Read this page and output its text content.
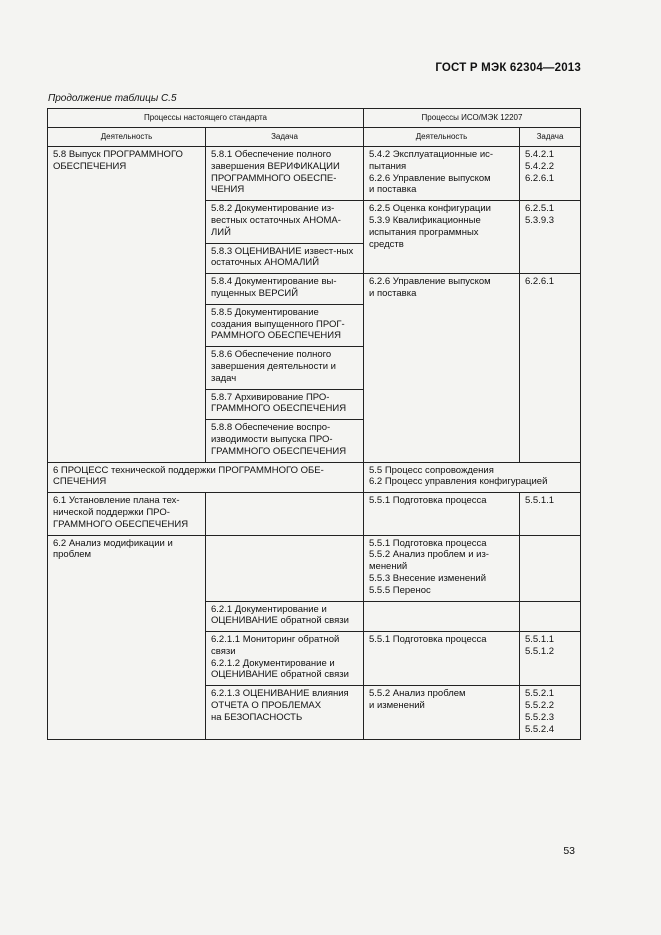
ГОСТ Р МЭК 62304—2013
Продолжение таблицы С.5
Процессы настоящего стандарта		Процессы ИСО/МЭК 12207	
Деятельность	Задача	Деятельность	Задача
5.8 Выпуск ПРОГРАММНОГО ОБЕСПЕЧЕНИЯ	5.8.1 Обеспечение полного завершения ВЕРИФИКАЦИИ ПРОГРАММНОГО ОБЕСПЕ-ЧЕНИЯ	5.4.2 Эксплуатационные ис-
пытания
6.2.6 Управление выпуском
и поставка	5.4.2.1
5.4.2.2
6.2.6.1

	5.8.2 Документирование из-вестных остаточных АНОМА-ЛИЙ	6.2.5 Оценка конфигурации
5.3.9 Квалификационные
испытания программных
средств	6.2.5.1
5.3.9.3

	5.8.3 ОЦЕНИВАНИЕ извест-ных остаточных АНОМАЛИЙ		
	5.8.4 Документирование вы-пущенных ВЕРСИЙ	6.2.6 Управление выпуском
и поставка	6.2.6.1

	5.8.5 Документирование создания выпущенного ПРОГ-РАММНОГО ОБЕСПЕЧЕНИЯ		
	5.8.6 Обеспечение полного завершения деятельности и задач		
	5.8.7 Архивирование ПРО-ГРАММНОГО ОБЕСПЕЧЕНИЯ		
	5.8.8 Обеспечение воспро-изводимости выпуска ПРО-ГРАММНОГО ОБЕСПЕЧЕНИЯ		
6 ПРОЦЕСС технической поддержки ПРОГРАММНОГО ОБЕ-СПЕЧЕНИЯ		5.5 Процесс сопровождения
6.2 Процесс управления конфигурацией	

6.1 Установление плана тех-нической поддержки ПРО-ГРАММНОГО ОБЕСПЕЧЕНИЯ		5.5.1 Подготовка процесса	5.5.1.1

6.2 Анализ модификации и проблем		5.5.1 Подготовка процесса
5.5.2 Анализ проблем и из-
менений
5.5.3 Внесение изменений
5.5.5 Перенос	

	6.2.1 Документирование и ОЦЕНИВАНИЕ обратной связи		

	6.2.1.1 Мониторинг обратной
связи
6.2.1.2 Документирование и
ОЦЕНИВАНИЕ обратной связи	5.5.1 Подготовка процесса	5.5.1.1
5.5.1.2

	6.2.1.3 ОЦЕНИВАНИЕ влияния
ОТЧЕТА О ПРОБЛЕМАХ
на БЕЗОПАСНОСТЬ	5.5.2 Анализ проблем
и изменений	5.5.2.1
5.5.2.2
5.5.2.3
5.5.2.4
53
